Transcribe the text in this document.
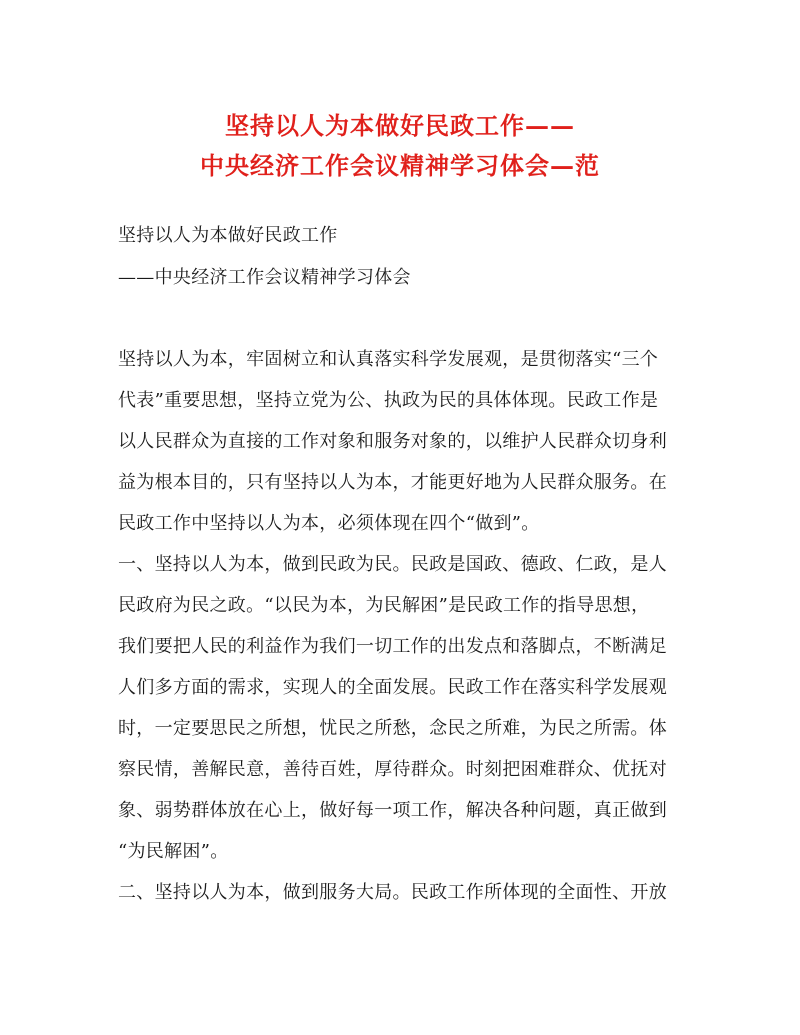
坚持以人为本做好民政工作——
中央经济工作会议精神学习体会—范
坚持以人为本做好民政工作
——中央经济工作会议精神学习体会
坚持以人为本，牢固树立和认真落实科学发展观，是贯彻落实“三个
代表”重要思想，坚持立党为公、执政为民的具体体现。民政工作是
以人民群众为直接的工作对象和服务对象的，以维护人民群众切身利
益为根本目的，只有坚持以人为本，才能更好地为人民群众服务。在
民政工作中坚持以人为本，必须体现在四个“做到”。
一、坚持以人为本，做到民政为民。民政是国政、德政、仁政，是人
民政府为民之政。“以民为本，为民解困”是民政工作的指导思想，
我们要把人民的利益作为我们一切工作的出发点和落脚点，不断满足
人们多方面的需求，实现人的全面发展。民政工作在落实科学发展观
时，一定要思民之所想，忧民之所愁，念民之所难，为民之所需。体
察民情，善解民意，善待百姓，厚待群众。时刻把困难群众、优抚对
象、弱势群体放在心上，做好每一项工作，解决各种问题，真正做到
“为民解困”。
二、坚持以人为本，做到服务大局。民政工作所体现的全面性、开放
